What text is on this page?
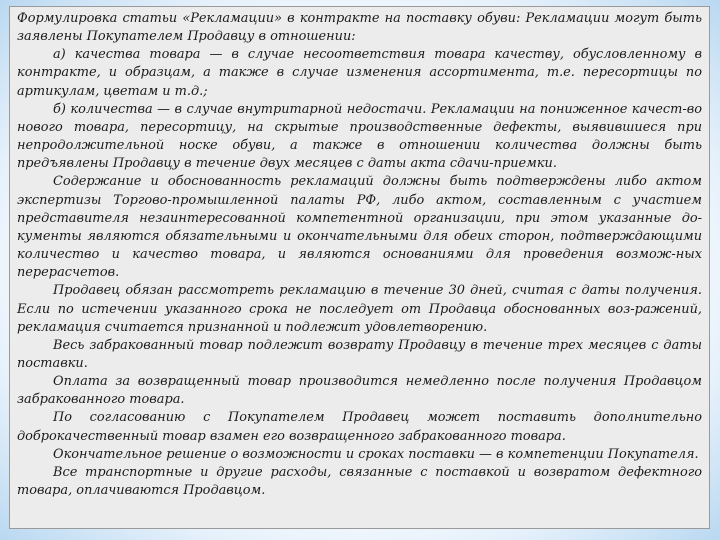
Формулировка статьи «Рекламации» в контракте на поставку обуви: Рекламации могут быть заявлены Покупателем Продавцу в отношении:

а) качества товара — в случае несоответствия товара качеству, обусловленному в контракте, и образцам, а также в случае изменения ассортимента, т.е. пересортицы по артикулам, цветам и т.д.;

б) количества — в случае внутритарной недостачи. Рекламации на пониженное качест-во нового товара, пересортицу, на скрытые производственные дефекты, выявившиеся при непродолжительной носке обуви, а также в отношении количества должны быть предъявлены Продавцу в течение двух месяцев с даты акта сдачи-приемки.

Содержание и обоснованность рекламаций должны быть подтверждены либо актом экспертизы Торгово-промышленной палаты РФ, либо актом, составленным с участием представителя незаинтересованной компетентной организации, при этом указанные до-кументы являются обязательными и окончательными для обеих сторон, подтверждающими количество и качество товара, и являются основаниями для проведения возмож-ных перерасчетов.

Продавец обязан рассмотреть рекламацию в течение 30 дней, считая с даты получения. Если по истечении указанного срока не последует от Продавца обоснованных воз-ражений, рекламация считается признанной и подлежит удовлетворению.

Весь забракованный товар подлежит возврату Продавцу в течение трех месяцев с даты поставки.

Оплата за возвращенный товар производится немедленно после получения Продавцом забракованного товара.

По согласованию с Покупателем Продавец может поставить дополнительно доброкачественный товар взамен его возвращенного забракованного товара.

Окончательное решение о возможности и сроках поставки — в компетенции Покупателя.

Все транспортные и другие расходы, связанные с поставкой и возвратом дефектного товара, оплачиваются Продавцом.
